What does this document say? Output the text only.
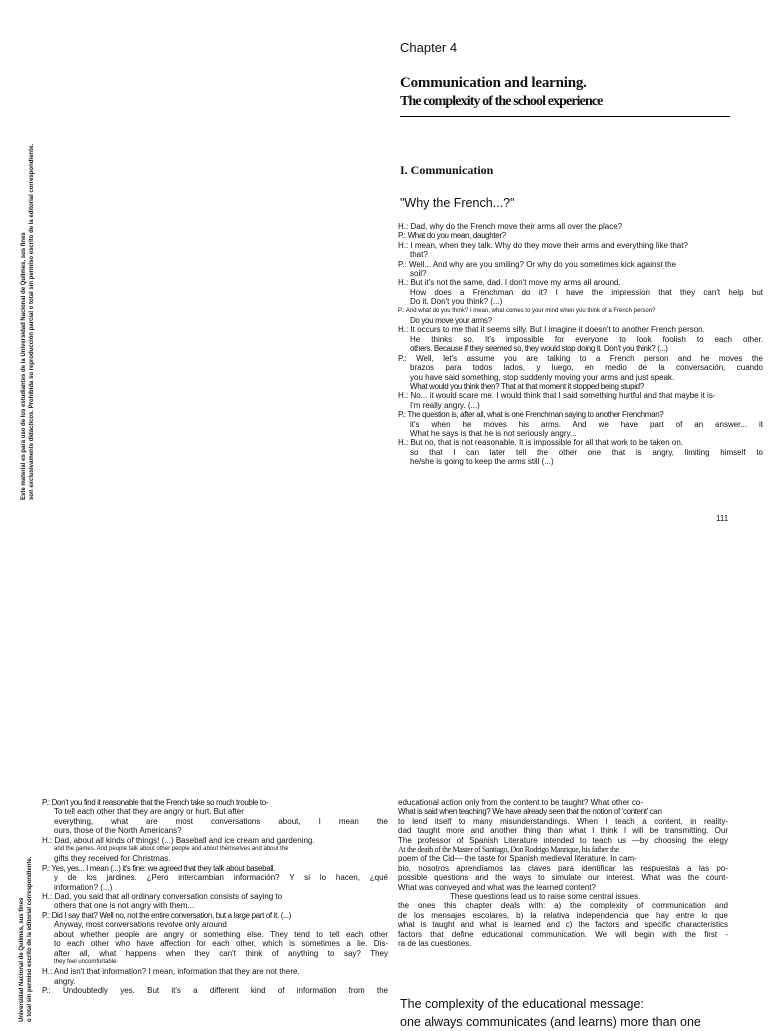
Este material es para uso de los estudiantes de la Universidad Nacional de Quilmes, sus fines son exclusivamente didácticos. Prohibida su reproducción parcial o total sin permiso escrito de la editorial correspondiente.
Universidad Nacional de Quilmes, sus fines o total sin permiso escrito de la editorial correspondiente.
Chapter 4
Communication and learning.
The complexity of the school experience
I. Communication
"Why the French...?"
H.: Dad, why do the French move their arms all over the place?
P.: What do you mean, daughter?
H.: I mean, when they talk. Why do they move their arms and everything like that?
that?
P.: Well... And why are you smiling? Or why do you sometimes kick against the
soil?
H.: But it's not the same, dad. I don't move my arms all around.
How does a Frenchman do it? I have the impression that they can't help but
Do it. Don't you think? (...)
P.: And what do you think? I mean, what comes to your mind when you think of a French person?
Do you move your arms?
H.: It occurs to me that it seems silly. But I imagine it doesn't to another French person.
He thinks so. It's impossible for everyone to look foolish to each other.
others. Because if they seemed so, they would stop doing it. Don't you think? (...)
P.: Well, let's assume you are talking to a French person and he moves the
brazos para todos lados, y luego, en medio de la conversación, cuando
you have said something, stop suddenly moving your arms and just speak.
What would you think then? That at that moment it stopped being stupid?
H.: No... it would scare me. I would think that I said something hurtful and that maybe it is-
I'm really angry. (...)
P.: The question is, after all, what is one Frenchman saying to another Frenchman?
it's when he moves his arms. And we have part of an answer... it
What he says is that he is not seriously angry...
H.: But no, that is not reasonable. It is impossible for all that work to be taken on.
so that I can later tell the other one that is angry, limiting himself to
he/she is going to keep the arms still (...)
111
P.: Don't you find it reasonable that the French take so much trouble to-
To tell each other that they are angry or hurt. But after
everything, what are most conversations about, I mean the
ours, those of the North Americans?
H.: Dad, about all kinds of things! (...) Baseball and ice cream and gardening.
and the games. And people talk about other people and about themselves and about the
gifts they received for Christmas.
P.: Yes, yes... I mean (...) it's fine: we agreed that they talk about baseball.
y de los jardines. ¿Pero intercambian información? Y si lo hacen, ¿qué
information? (...)
H.: Dad, you said that all ordinary conversation consists of saying to
others that one is not angry with them...
P.: Did I say that? Well no, not the entire conversation, but a large part of it. (...)
Anyway, most conversations revolve only around
about whether people are angry or something else. They tend to tell each other
to each other who have affection for each other, which is sometimes a lie. Dis-
after all, what happens when they can't think of anything to say? They
they feel uncomfortable.
H.: And isn't that information? I mean, information that they are not there.
angry.
P.: Undoubtedly yes. But it's a different kind of information from the
educational action only from the content to be taught? What other co-
What is said when teaching? We have already seen that the notion of 'content' can
to lend itself to many misunderstandings. When I teach a content, in reality-
dad taught more and another thing than what I think I will be transmitting. Our
The professor of Spanish Literature intended to teach us —by choosing the elegy
At the death of the Master of Santiago, Don Rodrigo Manrique, his father the
poem of the Cid— the taste for Spanish medieval literature. In cam-
bio, nosotros aprendíamos las claves para identificar las respuestas a las po-
possible questions and the ways to simulate our interest. What was the count-
What was conveyed and what was the learned content?
These questions lead us to raise some central issues.
the ones this chapter deals with: a) the complexity of communication and
de los mensajes escolares, b) la relativa independencia que hay entre lo que
what is taught and what is learned and c) the factors and specific characteristics
factors that define educational communication. We will begin with the first -
ra de las cuestiones.
The complexity of the educational message:
one always communicates (and learns) more than one
